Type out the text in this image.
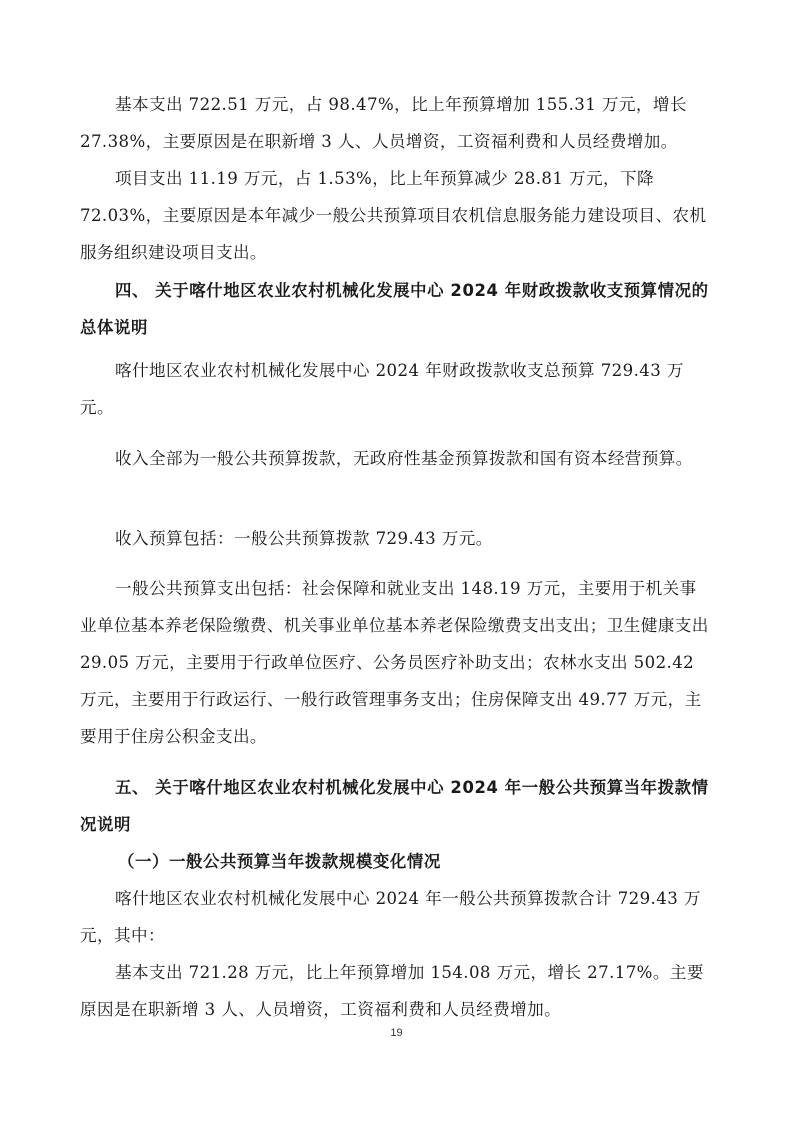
基本支出 722.51 万元，占 98.47%，比上年预算增加 155.31 万元，增长 27.38%，主要原因是在职新增 3 人、人员增资，工资福利费和人员经费增加。

项目支出 11.19 万元，占 1.53%，比上年预算减少 28.81 万元，下降 72.03%，主要原因是本年减少一般公共预算项目农机信息服务能力建设项目、农机服务组织建设项目支出。

四、 关于喀什地区农业农村机械化发展中心 2024 年财政拨款收支预算情况的总体说明

喀什地区农业农村机械化发展中心 2024 年财政拨款收支总预算 729.43 万元。

收入全部为一般公共预算拨款，无政府性基金预算拨款和国有资本经营预算。

收入预算包括：一般公共预算拨款 729.43 万元。

一般公共预算支出包括：社会保障和就业支出 148.19 万元，主要用于机关事业单位基本养老保险缴费、机关事业单位基本养老保险缴费支出支出；卫生健康支出 29.05 万元，主要用于行政单位医疗、公务员医疗补助支出；农林水支出 502.42 万元，主要用于行政运行、一般行政管理事务支出；住房保障支出 49.77 万元，主要用于住房公积金支出。

五、 关于喀什地区农业农村机械化发展中心 2024 年一般公共预算当年拨款情况说明

（一）一般公共预算当年拨款规模变化情况

喀什地区农业农村机械化发展中心 2024 年一般公共预算拨款合计 729.43 万元，其中：

基本支出 721.28 万元，比上年预算增加 154.08 万元，增长 27.17%。主要原因是在职新增 3 人、人员增资，工资福利费和人员经费增加。

19
